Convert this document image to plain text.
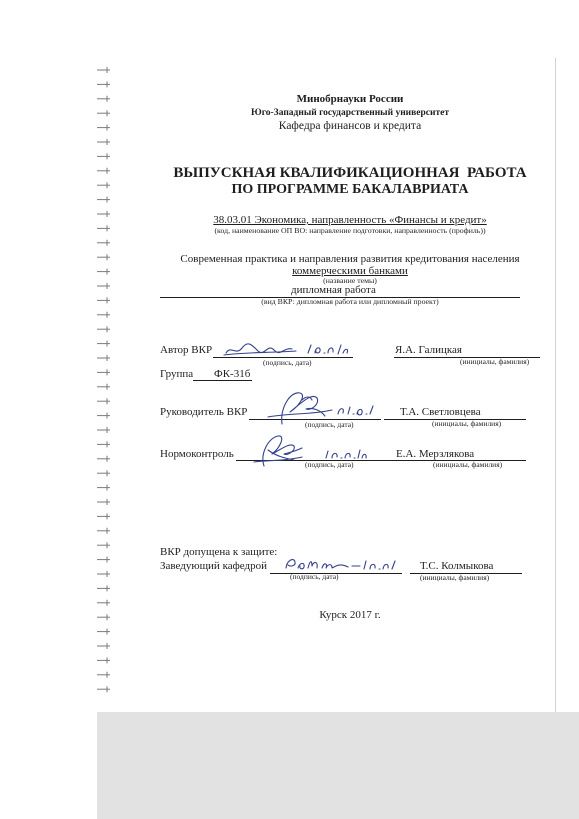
Минобрнауки России
Юго-Западный государственный университет
Кафедра финансов и кредита
ВЫПУСКНАЯ КВАЛИФИКАЦИОННАЯ  РАБОТА
ПО ПРОГРАММЕ БАКАЛАВРИАТА
38.03.01 Экономика, направленность «Финансы и кредит»
(код, наименование ОП ВО: направление подготовки, направленность (профиль))
Современная практика и направления развития кредитования населения
коммерческими банками
(название темы)
дипломная работа
(вид ВКР: дипломная работа или дипломный проект)
Автор ВКР
(подпись, дата)
Я.А. Галицкая
(инициалы, фамилия)
Группа ФК-31б
Руководитель ВКР
(подпись, дата)
Т.А. Светловцева
(инициалы, фамилия)
Нормоконтроль
(подпись, дата)
Е.А. Мерзлякова
(инициалы, фамилия)
ВКР допущена к защите:
Заведующий кафедрой
(подпись, дата)
Т.С. Колмыкова
(инициалы, фамилия)
Курск 2017 г.
